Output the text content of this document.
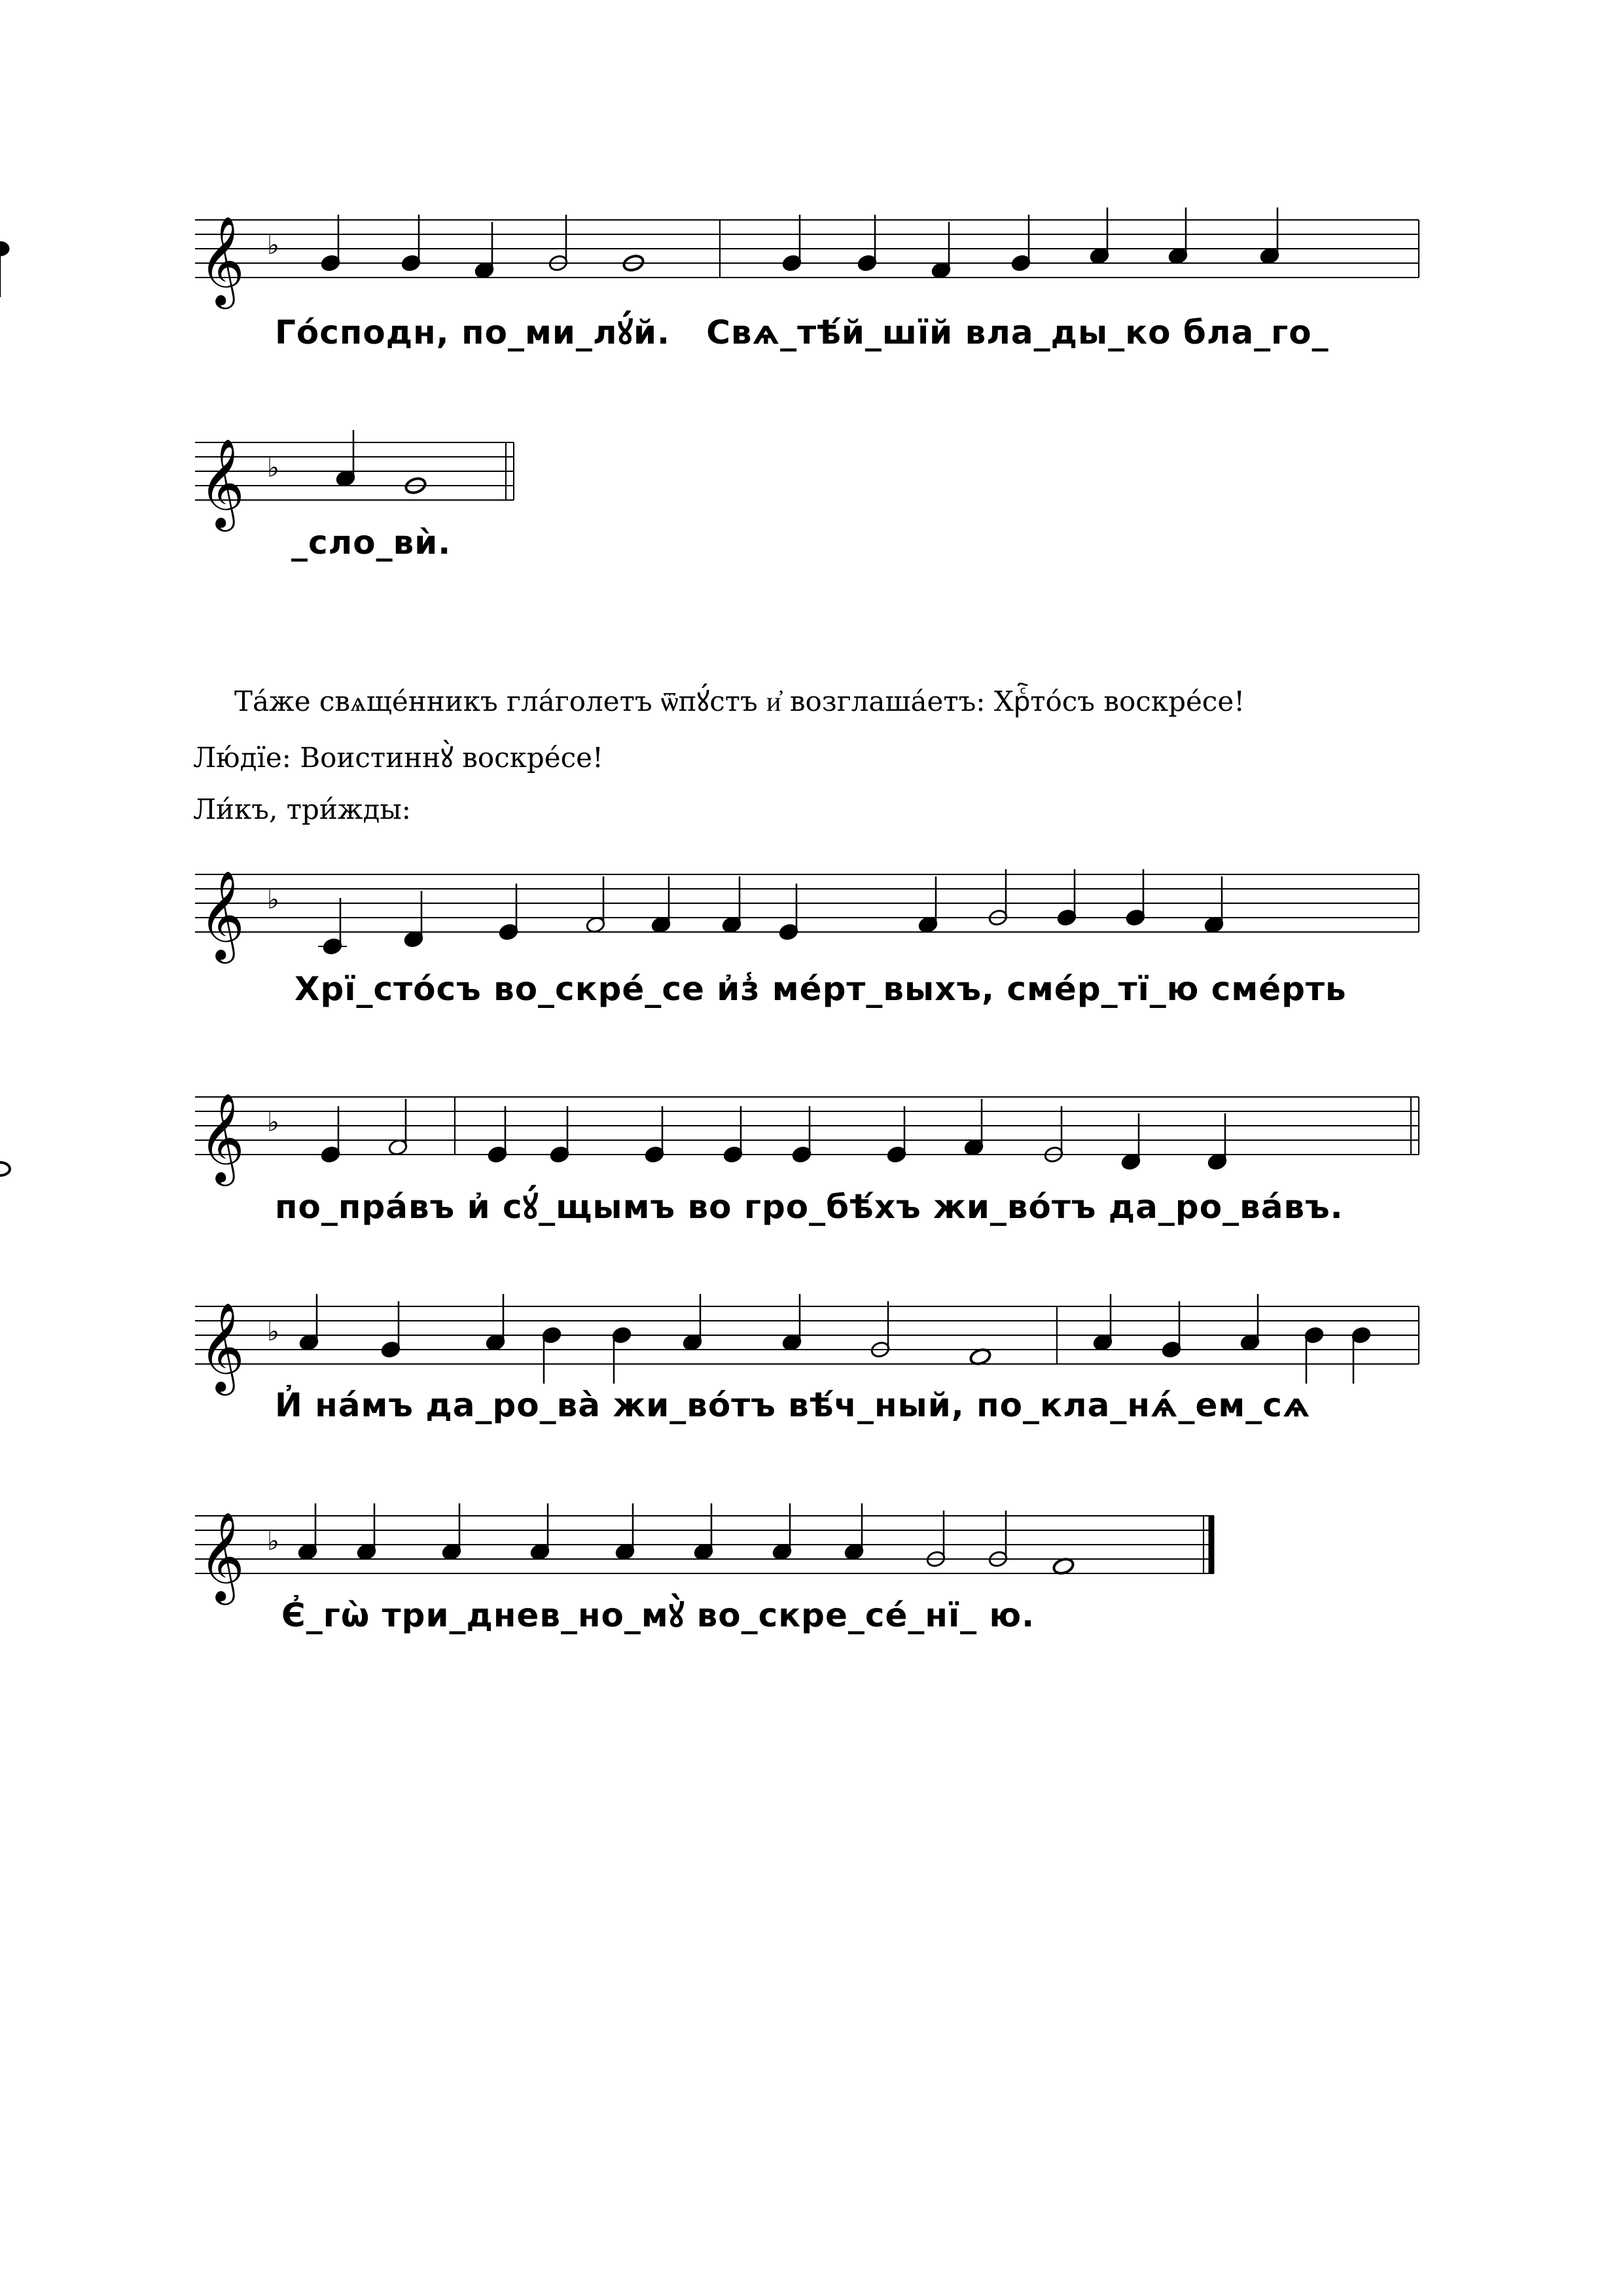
𝄞 ♭

Го́сподн, по_ми_лꙋ́й.   Свѧ_тѣ́й_шїй вла_ды_ко бла_го_

𝄞 ♭

_сло_вѝ.

Та́же свѧще́нникъ гла́голетъ ѿпꙋ́стъ и҆ возглаша́етъ: Хрⷭ҇то́съ воскре́се!

Лю́дїе: Воистиннꙋ̀ воскре́се!

Ли́къ, три́жды:

𝄞 ♭

Хрї_сто́съ во_скре́_се и҆з̾ ме́рт_выхъ, сме́р_тї_ю сме́рть

𝄞 ♭

по_пра́въ и҆ сꙋ́_щымъ во гро_бѣ́хъ жи_во́тъ да_ро_ва́въ.

𝄞 ♭

И҆ на́мъ да_ро_ва̀ жи_во́тъ вѣ́ч_ный, по_кла_нѧ́_ем_сѧ

𝄞 ♭

Є҆_гѡ̀ три_днев_но_мꙋ̀ во_скре_се́_нї_ ю.
